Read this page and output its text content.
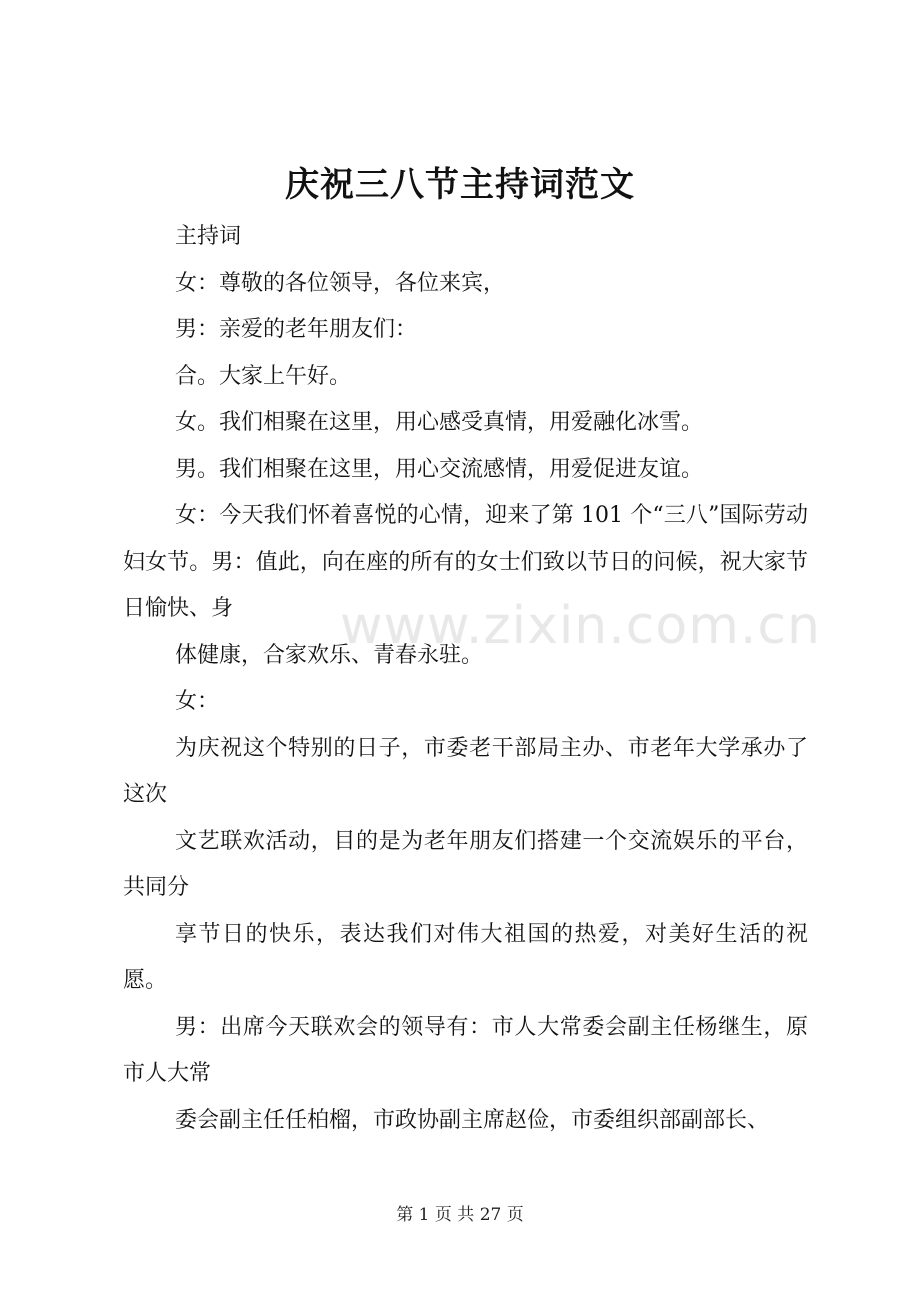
庆祝三八节主持词范文

主持词

女：尊敬的各位领导，各位来宾，

男：亲爱的老年朋友们：

合。大家上午好。

女。我们相聚在这里，用心感受真情，用爱融化冰雪。

男。我们相聚在这里，用心交流感情，用爱促进友谊。

女：今天我们怀着喜悦的心情，迎来了第 101 个“三八”国际劳动妇女节。男：值此，向在座的所有的女士们致以节日的问候，祝大家节日愉快、身

体健康，合家欢乐、青春永驻。

女：

为庆祝这个特别的日子，市委老干部局主办、市老年大学承办了这次

文艺联欢活动，目的是为老年朋友们搭建一个交流娱乐的平台，共同分

享节日的快乐，表达我们对伟大祖国的热爱，对美好生活的祝愿。

男：出席今天联欢会的领导有：市人大常委会副主任杨继生，原市人大常

委会副主任任柏榴，市政协副主席赵俭，市委组织部副部长、

www.zixin.com.cn
第 1 页 共 27 页
